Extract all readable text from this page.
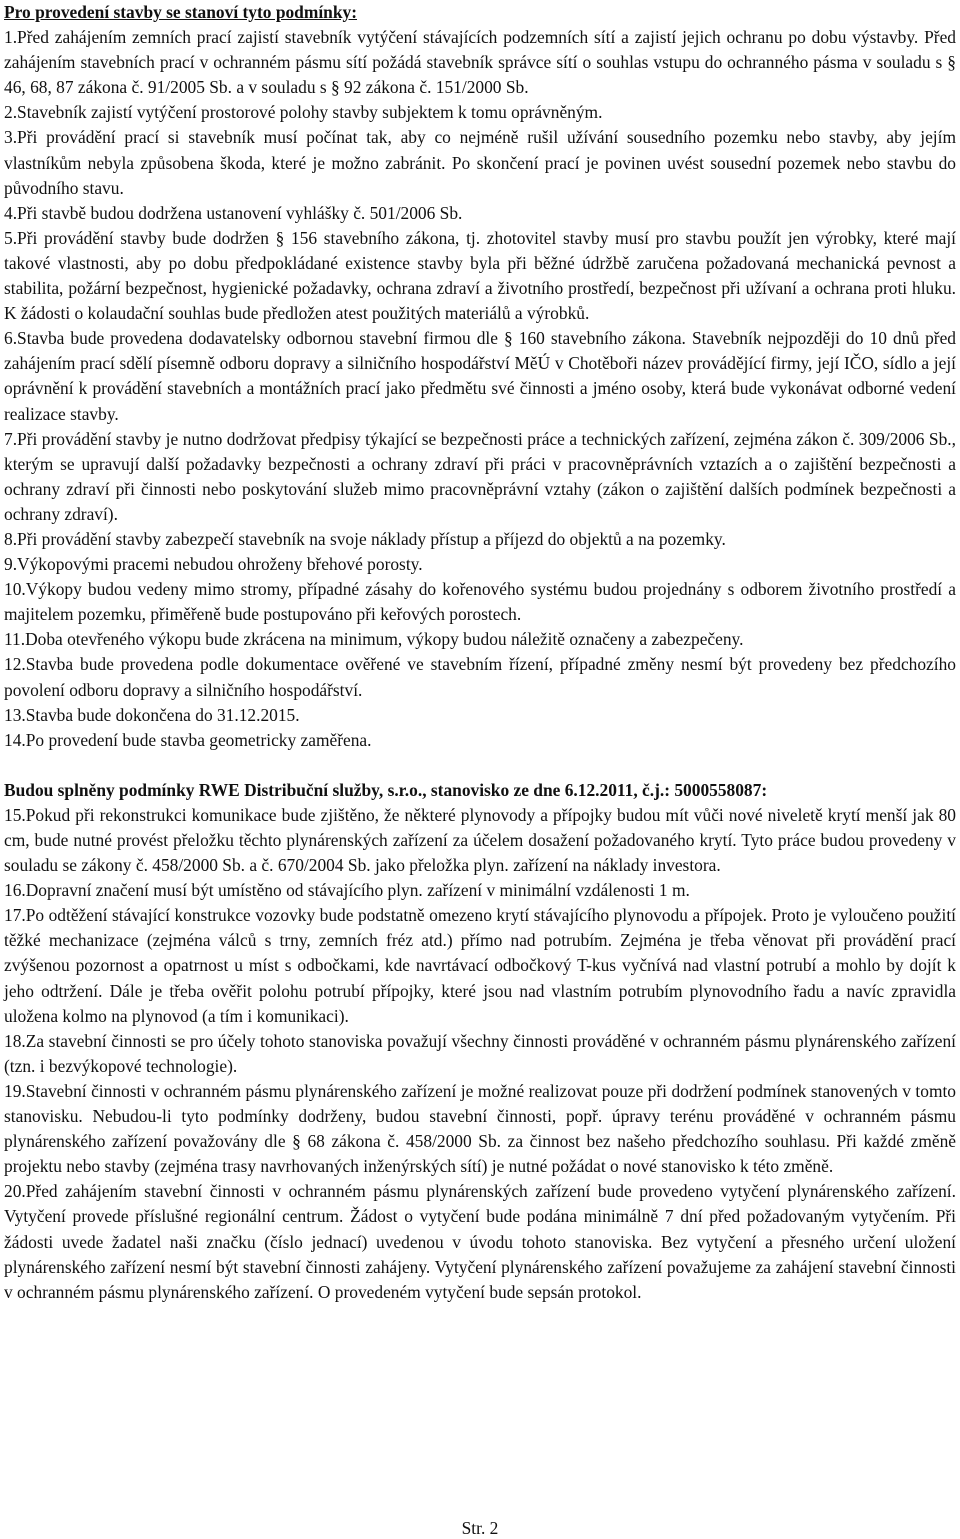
Pro provedení stavby se stanoví tyto podmínky:

1.Před zahájením zemních prací zajistí stavebník vytýčení stávajících podzemních sítí a zajistí jejich ochranu po dobu výstavby. Před zahájením stavebních prací v ochranném pásmu sítí požádá stavebník správce sítí o souhlas vstupu do ochranného pásma v souladu s § 46, 68, 87 zákona č. 91/2005 Sb. a v souladu s § 92 zákona č. 151/2000 Sb.

2.Stavebník zajistí vytýčení prostorové polohy stavby subjektem k tomu oprávněným.

3.Při provádění prací si stavebník musí počínat tak, aby co nejméně rušil užívání sousedního pozemku nebo stavby, aby jejím vlastníkům nebyla způsobena škoda, které je možno zabránit. Po skončení prací je povinen uvést sousední pozemek nebo stavbu do původního stavu.

4.Při stavbě budou dodržena ustanovení vyhlášky č. 501/2006 Sb.

5.Při provádění stavby bude dodržen § 156 stavebního zákona, tj. zhotovitel stavby musí pro stavbu použít jen výrobky, které mají takové vlastnosti, aby po dobu předpokládané existence stavby byla při běžné údržbě zaručena požadovaná mechanická pevnost a stabilita, požární bezpečnost, hygienické požadavky, ochrana zdraví a životního prostředí, bezpečnost při užívaní a ochrana proti hluku. K žádosti o kolaudační souhlas bude předložen atest použitých materiálů a výrobků.

6.Stavba bude provedena dodavatelsky odbornou stavební firmou dle § 160 stavebního zákona. Stavebník nejpozději do 10 dnů před zahájením prací sdělí písemně odboru dopravy a silničního hospodářství MěÚ v Chotěboři název provádějící firmy, její IČO, sídlo a její oprávnění k provádění stavebních a montážních prací jako předmětu své činnosti a jméno osoby, která bude vykonávat odborné vedení realizace stavby.

7.Při provádění stavby je nutno dodržovat předpisy týkající se bezpečnosti práce a technických zařízení, zejména zákon č. 309/2006 Sb., kterým se upravují další požadavky bezpečnosti a ochrany zdraví při práci v pracovněprávních vztazích a o zajištění bezpečnosti a ochrany zdraví při činnosti nebo poskytování služeb mimo pracovněprávní vztahy (zákon o zajištění dalších podmínek bezpečnosti a ochrany zdraví).

8.Při provádění stavby zabezpečí stavebník na svoje náklady přístup a příjezd do objektů a na pozemky.

9.Výkopovými pracemi nebudou ohroženy břehové porosty.

10.Výkopy budou vedeny mimo stromy, případné zásahy do kořenového systému budou projednány s odborem životního prostředí a majitelem pozemku, přiměřeně bude postupováno při keřových porostech.

11.Doba otevřeného výkopu bude zkrácena na minimum, výkopy budou náležitě označeny a zabezpečeny.

12.Stavba bude provedena podle dokumentace ověřené ve stavebním řízení, případné změny nesmí být provedeny bez předchozího povolení odboru dopravy a silničního hospodářství.

13.Stavba bude dokončena do 31.12.2015.

14.Po provedení bude stavba geometricky zaměřena.

Budou splněny podmínky RWE Distribuční služby, s.r.o., stanovisko ze dne 6.12.2011, č.j.: 5000558087:

15.Pokud při rekonstrukci komunikace bude zjištěno, že některé plynovody a přípojky budou mít vůči nové niveletě krytí menší jak 80 cm, bude nutné provést přeložku těchto plynárenských zařízení za účelem dosažení požadovaného krytí. Tyto práce budou provedeny v souladu se zákony č. 458/2000 Sb. a č. 670/2004 Sb. jako přeložka plyn. zařízení na náklady investora.

16.Dopravní značení musí být umístěno od stávajícího plyn. zařízení v minimální vzdálenosti 1 m.

17.Po odtěžení stávající konstrukce vozovky bude podstatně omezeno krytí stávajícího plynovodu a přípojek. Proto je vyloučeno použití těžké mechanizace (zejména válců s trny, zemních fréz atd.) přímo nad potrubím. Zejména je třeba věnovat při provádění prací zvýšenou pozornost a opatrnost u míst s odbočkami, kde navrtávací odbočkový T-kus vyčnívá nad vlastní potrubí a mohlo by dojít k jeho odtržení. Dále je třeba ověřit polohu potrubí přípojky, které jsou nad vlastním potrubím plynovodního řadu a navíc zpravidla uložena kolmo na plynovod (a tím i komunikaci).

18.Za stavební činnosti se pro účely tohoto stanoviska považují všechny činnosti prováděné v ochranném pásmu plynárenského zařízení (tzn. i bezvýkopové technologie).

19.Stavební činnosti v ochranném pásmu plynárenského zařízení je možné realizovat pouze při dodržení podmínek stanovených v tomto stanovisku. Nebudou-li tyto podmínky dodrženy, budou stavební činnosti, popř. úpravy terénu prováděné v ochranném pásmu plynárenského zařízení považovány dle § 68 zákona č. 458/2000 Sb. za činnost bez našeho předchozího souhlasu. Při každé změně projektu nebo stavby (zejména trasy navrhovaných inženýrských sítí) je nutné požádat o nové stanovisko k této změně.

20.Před zahájením stavební činnosti v ochranném pásmu plynárenských zařízení bude provedeno vytyčení plynárenského zařízení. Vytyčení provede příslušné regionální centrum. Žádost o vytyčení bude podána minimálně 7 dní před požadovaným vytyčením. Při žádosti uvede žadatel naši značku (číslo jednací) uvedenou v úvodu tohoto stanoviska. Bez vytyčení a přesného určení uložení plynárenského zařízení nesmí být stavební činnosti zahájeny. Vytyčení plynárenského zařízení považujeme za zahájení stavební činnosti v ochranném pásmu plynárenského zařízení. O provedeném vytyčení bude sepsán protokol.

Str. 2
